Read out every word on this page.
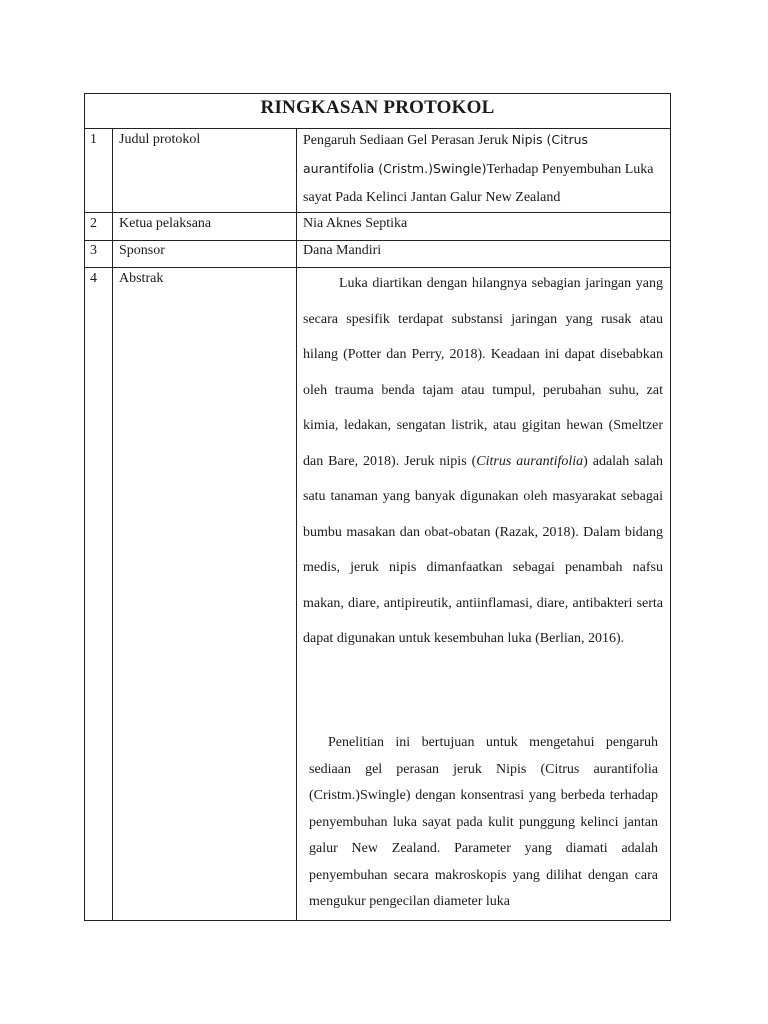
RINGKASAN PROTOKOL
1 Judul protokol	Pengaruh Sediaan Gel Perasan Jeruk Nipis (Citrus aurantifolia (Cristm.)Swingle)Terhadap Penyembuhan Luka sayat Pada Kelinci Jantan Galur New Zealand
2 Ketua pelaksana	Nia Aknes Septika
3 Sponsor	Dana Mandiri
4 Abstrak	Luka diartikan dengan hilangnya sebagian jaringan yang secara spesifik terdapat substansi jaringan yang rusak atau hilang (Potter dan Perry, 2018). Keadaan ini dapat disebabkan oleh trauma benda tajam atau tumpul, perubahan suhu, zat kimia, ledakan, sengatan listrik, atau gigitan hewan (Smeltzer dan Bare, 2018). Jeruk nipis (Citrus aurantifolia) adalah salah satu tanaman yang banyak digunakan oleh masyarakat sebagai bumbu masakan dan obat-obatan (Razak, 2018). Dalam bidang medis, jeruk nipis dimanfaatkan sebagai penambah nafsu makan, diare, antipireutik, antiinflamasi, diare, antibakteri serta dapat digunakan untuk kesembuhan luka (Berlian, 2016).

Penelitian ini bertujuan untuk mengetahui pengaruh sediaan gel perasan jeruk Nipis (Citrus aurantifolia (Cristm.)Swingle) dengan konsentrasi yang berbeda terhadap penyembuhan luka sayat pada kulit punggung kelinci jantan galur New Zealand. Parameter yang diamati adalah penyembuhan secara makroskopis yang dilihat dengan cara mengukur pengecilan diameter luka
